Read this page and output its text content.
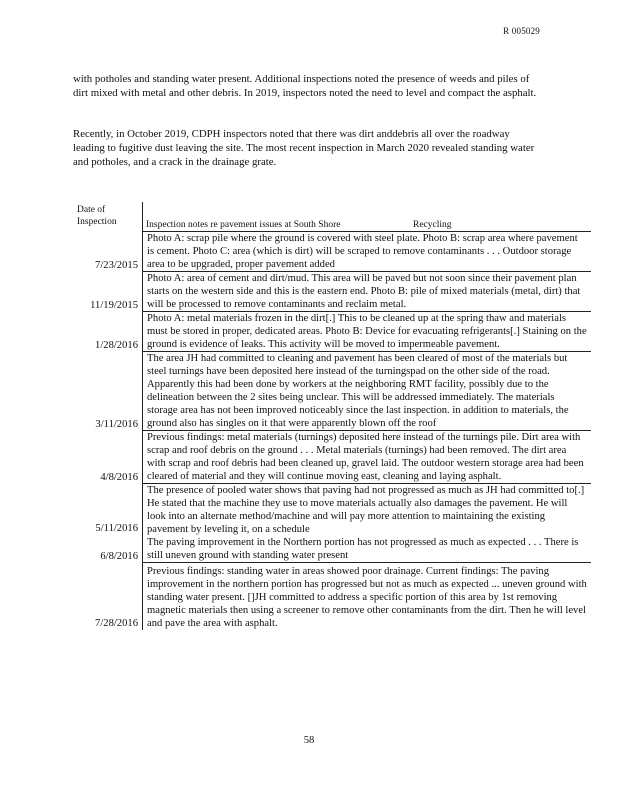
R 005029

with potholes and standing water present. Additional inspections noted the presence of weeds and piles of dirt mixed with metal and other debris. In 2019, inspectors noted the need to level and compact the asphalt.

Recently, in October 2019, CDPH inspectors noted that there was dirt anddebris all over the roadway leading to fugitive dust leaving the site. The most recent inspection in March 2020 revealed standing water and potholes, and a crack in the drainage grate.

Date of Inspection	Inspection notes re pavement issues at South Shore	Recycling
7/23/2015
Photo A: scrap pile where the ground is covered with steel plate. Photo B: scrap area where pavement is cement. Photo C: area (which is dirt) will be scraped to remove contaminants . . . Outdoor storage area to be upgraded, proper pavement added
11/19/2015
Photo A: area of cement and dirt/mud. This area will be paved but not soon since their pavement plan starts on the western side and this is the eastern end. Photo B: pile of mixed materials (metal, dirt) that will be processed to remove contaminants and reclaim metal.
1/28/2016
Photo A: metal materials frozen in the dirt[.] This to be cleaned up at the spring thaw and materials must be stored in proper, dedicated areas. Photo B: Device for evacuating refrigerants[.] Staining on the ground is evidence of leaks. This activity will be moved to impermeable pavement.
3/11/2016
The area JH had committed to cleaning and pavement has been cleared of most of the materials but steel turnings have been deposited here instead of the turningspad on the other side of the road. Apparently this had been done by workers at the neighboring RMT facility, possibly due to the delineation between the 2 sites being unclear. This will be addressed immediately. The materials storage area has not been improved noticeably since the last inspection. in addition to materials, the ground also has singles on it that were apparently blown off the roof
4/8/2016
Previous findings: metal materials (turnings) deposited here instead of the turnings pile. Dirt area with scrap and roof debris on the ground . . . Metal materials (turnings) had been removed. The dirt area with scrap and roof debris had been cleaned up, gravel laid. The outdoor western storage area had been cleared of material and they will continue moving east, cleaning and laying asphalt.
5/11/2016
6/8/2016
The presence of pooled water shows that paving had not progressed as much as JH had committed to[.] He stated that the machine they use to move materials actually also damages the pavement. He will look into an alternate method/machine and will pay more attention to maintaining the existing pavement by leveling it, on a schedule
The paving improvement in the Northern portion has not progressed as much as expected . . . There is still uneven ground with standing water present
7/28/2016
Previous findings: standing water in areas showed poor drainage. Current findings: The paving improvement in the northern portion has progressed but not as much as expected ... uneven ground with standing water present. []JH committed to address a specific portion of this area by 1st removing magnetic materials then using a screener to remove other contaminants from the dirt. Then he will level and pave the area with asphalt.
58
